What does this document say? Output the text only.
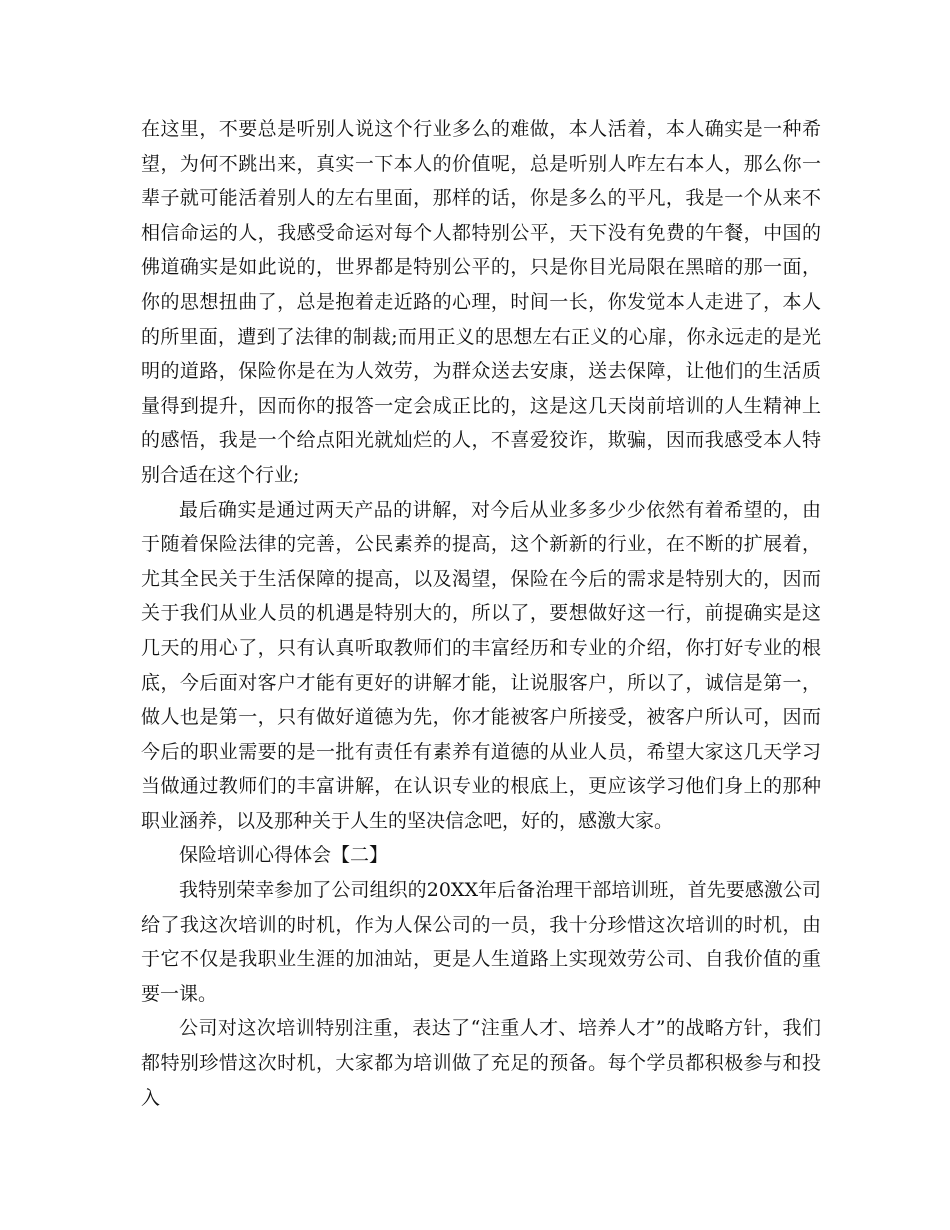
在这里，不要总是听别人说这个行业多么的难做，本人活着，本人确实是一种希望，为何不跳出来，真实一下本人的价值呢，总是听别人咋左右本人，那么你一辈子就可能活着别人的左右里面，那样的话，你是多么的平凡，我是一个从来不相信命运的人，我感受命运对每个人都特别公平，天下没有免费的午餐，中国的佛道确实是如此说的，世界都是特别公平的，只是你目光局限在黑暗的那一面，你的思想扭曲了，总是抱着走近路的心理，时间一长，你发觉本人走进了，本人的所里面，遭到了法律的制裁;而用正义的思想左右正义的心扉，你永远走的是光明的道路，保险你是在为人效劳，为群众送去安康，送去保障，让他们的生活质量得到提升，因而你的报答一定会成正比的，这是这几天岗前培训的人生精神上的感悟，我是一个给点阳光就灿烂的人，不喜爱狡诈，欺骗，因而我感受本人特别合适在这个行业;

最后确实是通过两天产品的讲解，对今后从业多多少少依然有着希望的，由于随着保险法律的完善，公民素养的提高，这个新新的行业，在不断的扩展着，尤其全民关于生活保障的提高，以及渴望，保险在今后的需求是特别大的，因而关于我们从业人员的机遇是特别大的，所以了，要想做好这一行，前提确实是这几天的用心了，只有认真听取教师们的丰富经历和专业的介绍，你打好专业的根底，今后面对客户才能有更好的讲解才能，让说服客户，所以了，诚信是第一，做人也是第一，只有做好道德为先，你才能被客户所接受，被客户所认可，因而今后的职业需要的是一批有责任有素养有道德的从业人员，希望大家这几天学习当做通过教师们的丰富讲解，在认识专业的根底上，更应该学习他们身上的那种职业涵养，以及那种关于人生的坚决信念吧，好的，感激大家。

保险培训心得体会【二】

我特别荣幸参加了公司组织的20XX年后备治理干部培训班，首先要感激公司给了我这次培训的时机，作为人保公司的一员，我十分珍惜这次培训的时机，由于它不仅是我职业生涯的加油站，更是人生道路上实现效劳公司、自我价值的重要一课。

公司对这次培训特别注重，表达了“注重人才、培养人才”的战略方针，我们都特别珍惜这次时机，大家都为培训做了充足的预备。每个学员都积极参与和投入
